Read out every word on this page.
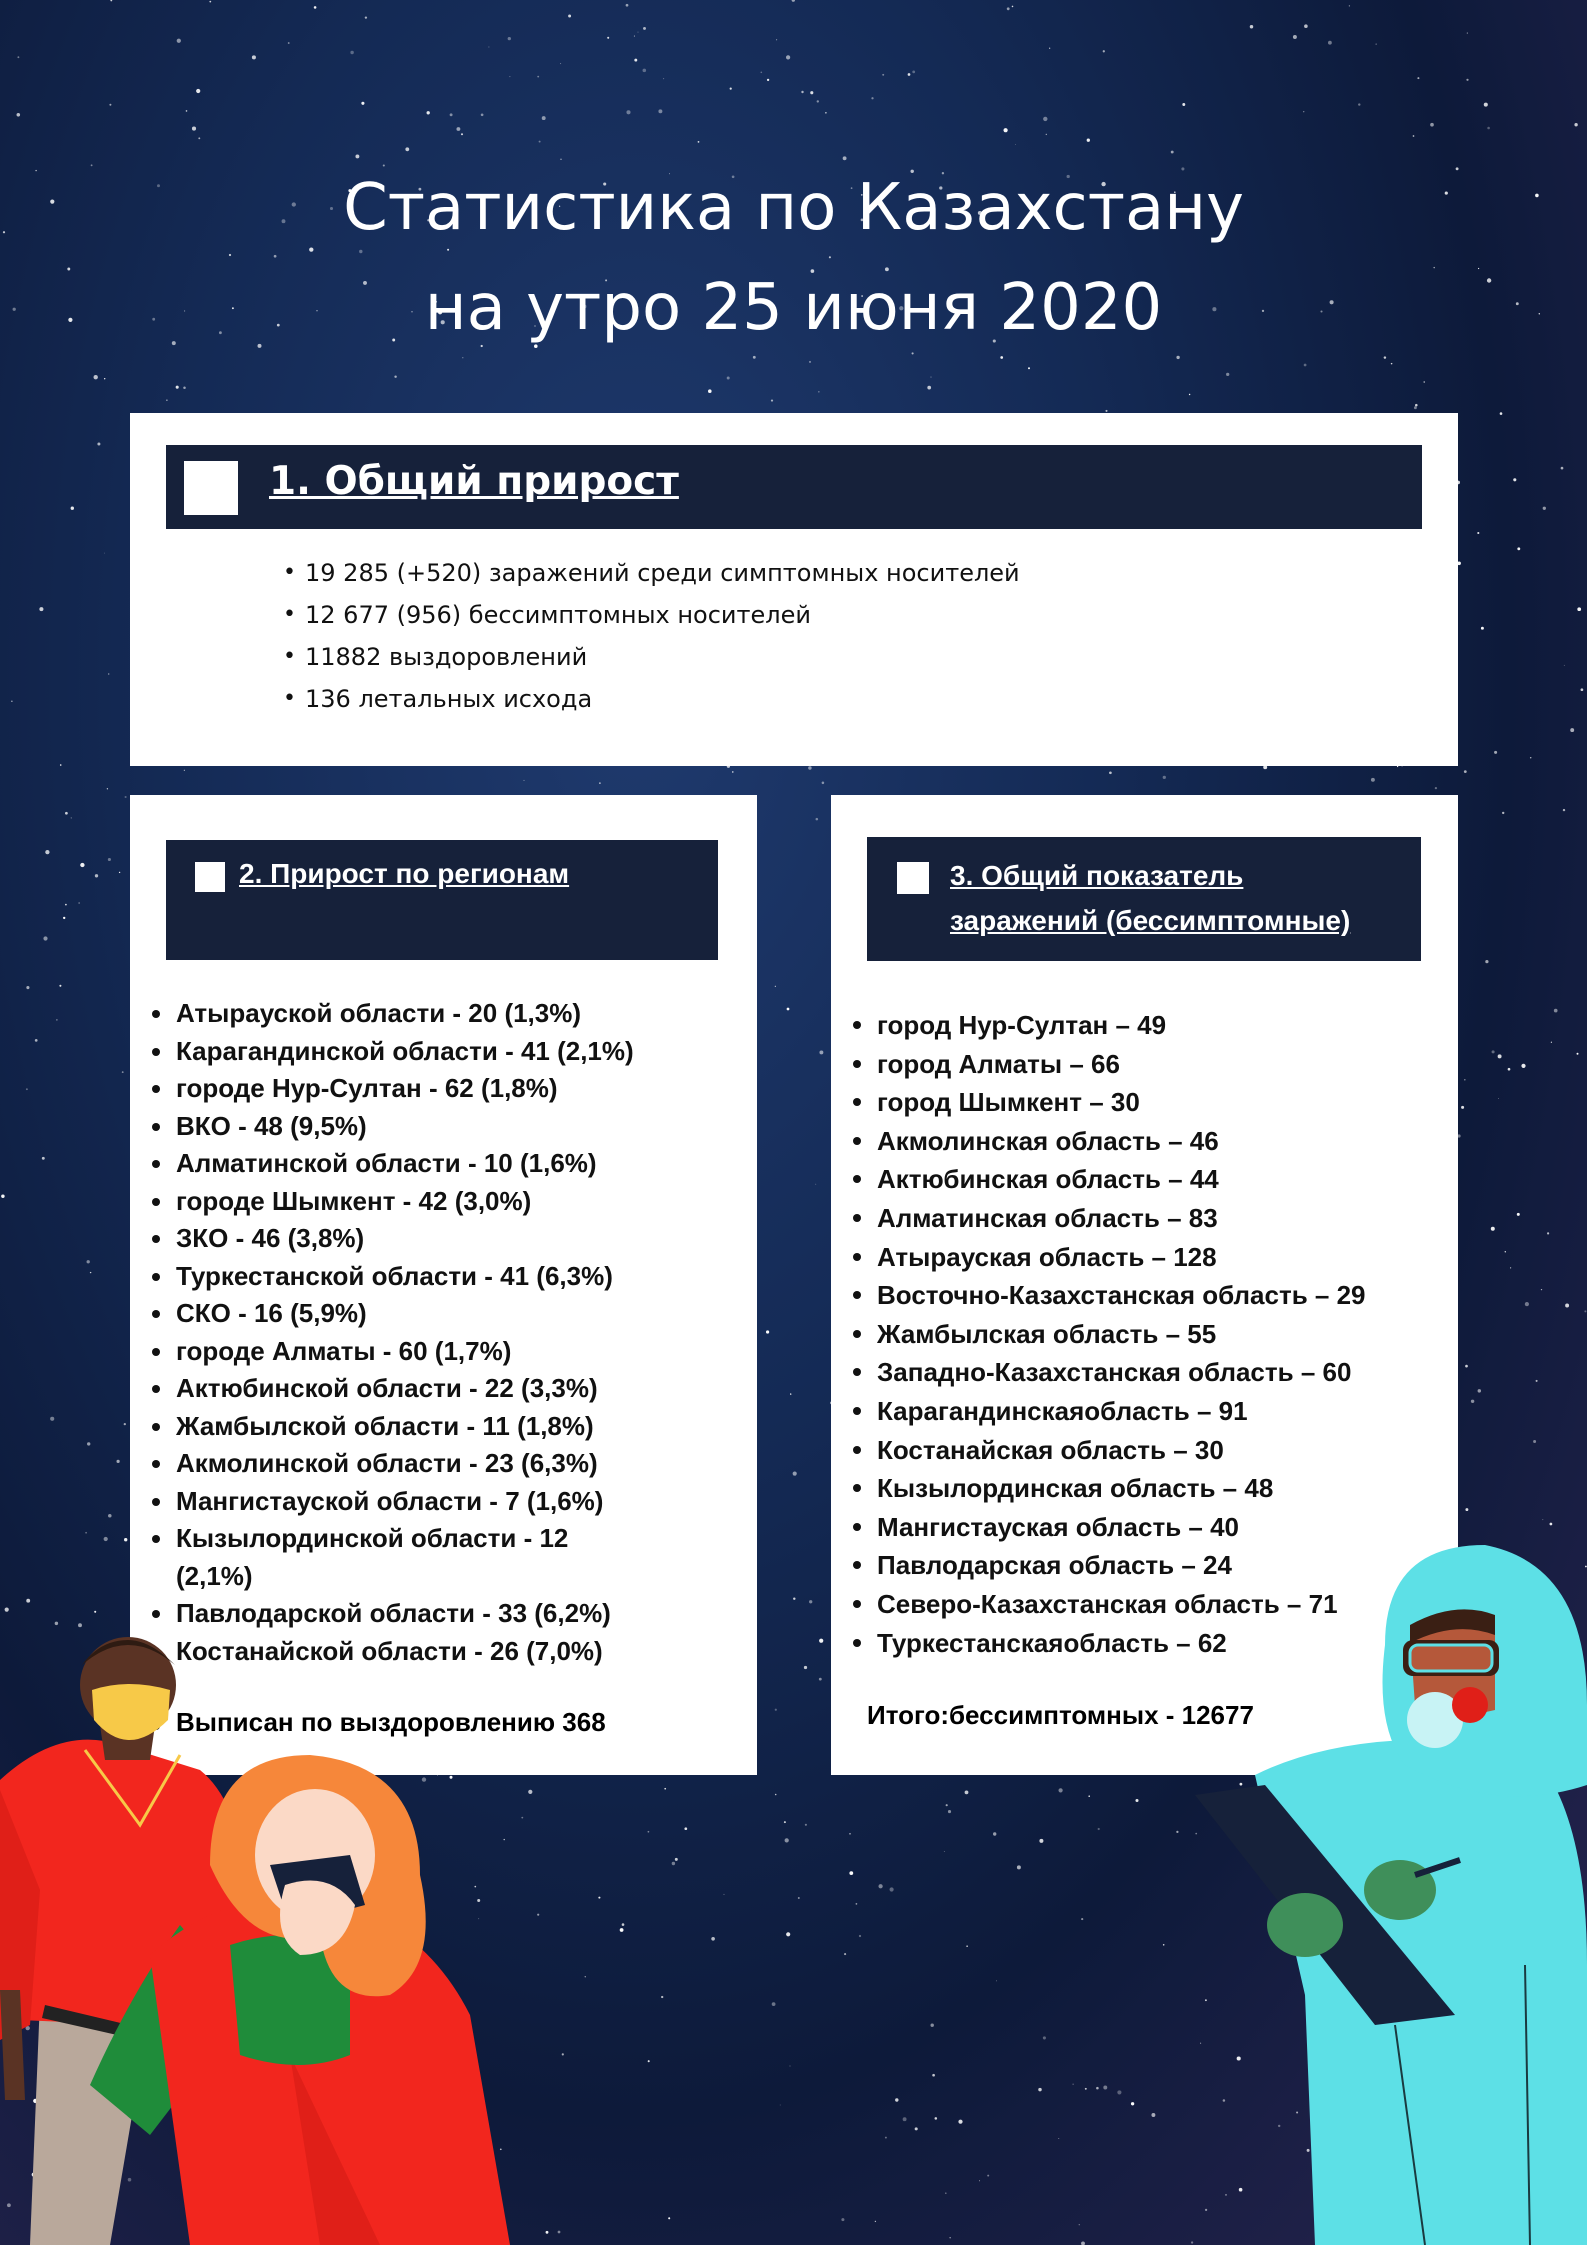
Статистика по Казахстану
на утро 25 июня 2020
1. Общий прирост
• 19 285 (+520) заражений среди симптомных носителей
• 12 677 (956) бессимптомных носителей
• 11882 выздоровлений
• 136 летальных исхода
2. Прирост по регионам
Атырауской области - 20 (1,3%)
Карагандинской области - 41 (2,1%)
городе Нур-Султан - 62 (1,8%)
ВКО - 48 (9,5%)
Алматинской области - 10 (1,6%)
городе Шымкент - 42 (3,0%)
ЗКО - 46 (3,8%)
Туркестанской области - 41 (6,3%)
СКО - 16 (5,9%)
городе Алматы - 60 (1,7%)
Актюбинской области - 22 (3,3%)
Жамбылской области - 11 (1,8%)
Акмолинской области - 23 (6,3%)
Мангистауской области - 7 (1,6%)
Кызылординской области - 12 (2,1%)
Павлодарской области - 33 (6,2%)
Костанайской области - 26 (7,0%)
Выписан по выздоровлению 368
3. Общий показатель заражений (бессимптомные)
город Нур-Султан – 49
город Алматы – 66
город Шымкент – 30
Акмолинская область – 46
Актюбинская область – 44
Алматинская область – 83
Атырауская область – 128
Восточно-Казахстанская область – 29
Жамбылская область – 55
Западно-Казахстанская область – 60
Карагандинскаяобласть – 91
Костанайская область – 30
Кызылординская область – 48
Мангистауская область – 40
Павлодарская область – 24
Северо-Казахстанская область – 71
Туркестанскаяобласть – 62
Итого:бессимптомных - 12677
